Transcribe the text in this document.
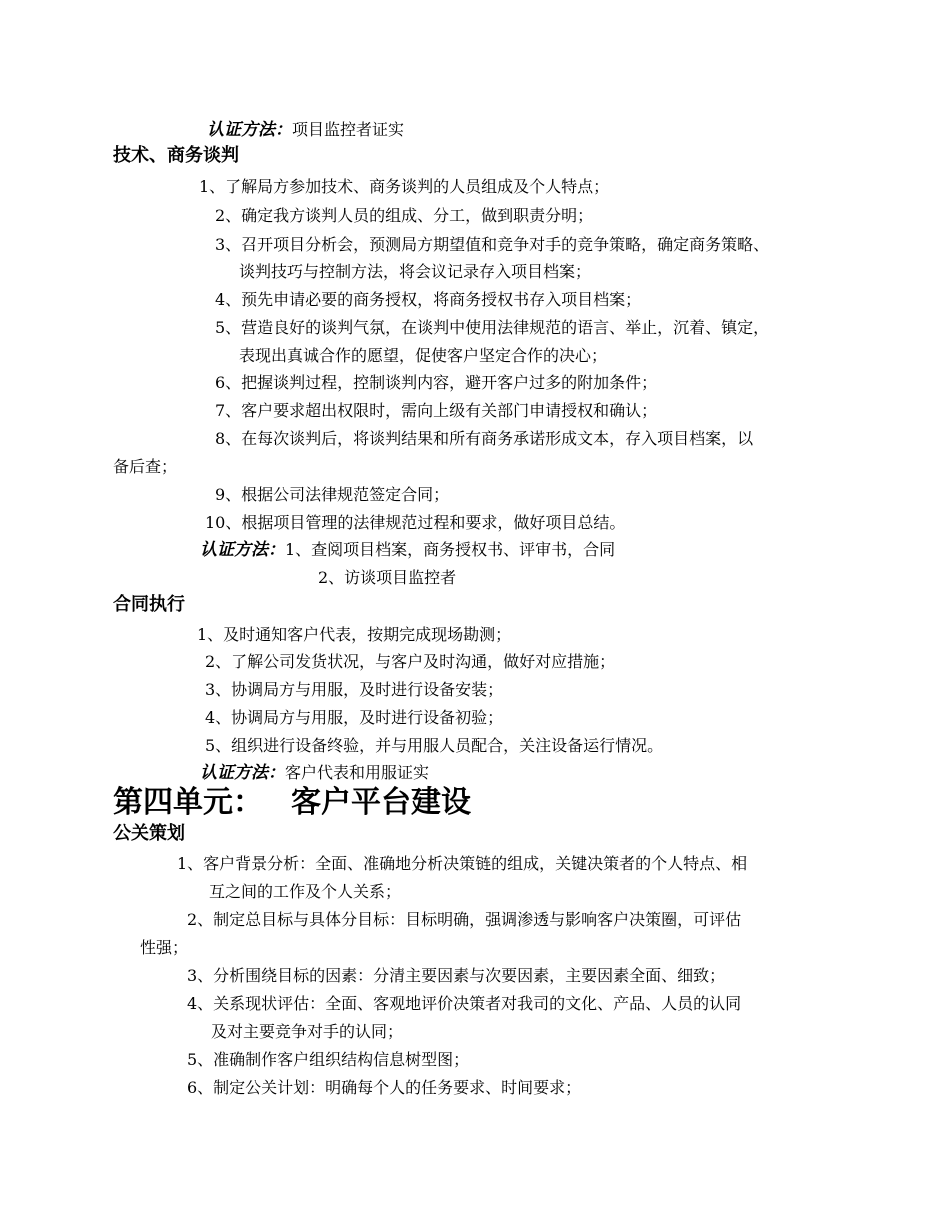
认证方法：项目监控者证实
技术、商务谈判
1、了解局方参加技术、商务谈判的人员组成及个人特点；
2、确定我方谈判人员的组成、分工，做到职责分明；
3、召开项目分析会，预测局方期望值和竞争对手的竞争策略，确定商务策略、
谈判技巧与控制方法，将会议记录存入项目档案；
4、预先申请必要的商务授权，将商务授权书存入项目档案；
5、营造良好的谈判气氛，在谈判中使用法律规范的语言、举止，沉着、镇定，
表现出真诚合作的愿望，促使客户坚定合作的决心；
6、把握谈判过程，控制谈判内容，避开客户过多的附加条件；
7、客户要求超出权限时，需向上级有关部门申请授权和确认；
8、在每次谈判后，将谈判结果和所有商务承诺形成文本，存入项目档案，以
备后查；
9、根据公司法律规范签定合同；
10、根据项目管理的法律规范过程和要求，做好项目总结。
认证方法：1、查阅项目档案，商务授权书、评审书，合同
2、访谈项目监控者
合同执行
1、及时通知客户代表，按期完成现场勘测；
2、了解公司发货状况，与客户及时沟通，做好对应措施；
3、协调局方与用服，及时进行设备安装；
4、协调局方与用服，及时进行设备初验；
5、组织进行设备终验，并与用服人员配合，关注设备运行情况。
认证方法：客户代表和用服证实
第四单元： 客户平台建设
公关策划
1、客户背景分析：全面、准确地分析决策链的组成，关键决策者的个人特点、相
互之间的工作及个人关系；
2、制定总目标与具体分目标：目标明确，强调渗透与影响客户决策圈，可评估
性强；
3、分析围绕目标的因素：分清主要因素与次要因素，主要因素全面、细致；
4、关系现状评估：全面、客观地评价决策者对我司的文化、产品、人员的认同
及对主要竞争对手的认同；
5、准确制作客户组织结构信息树型图；
6、制定公关计划：明确每个人的任务要求、时间要求；
